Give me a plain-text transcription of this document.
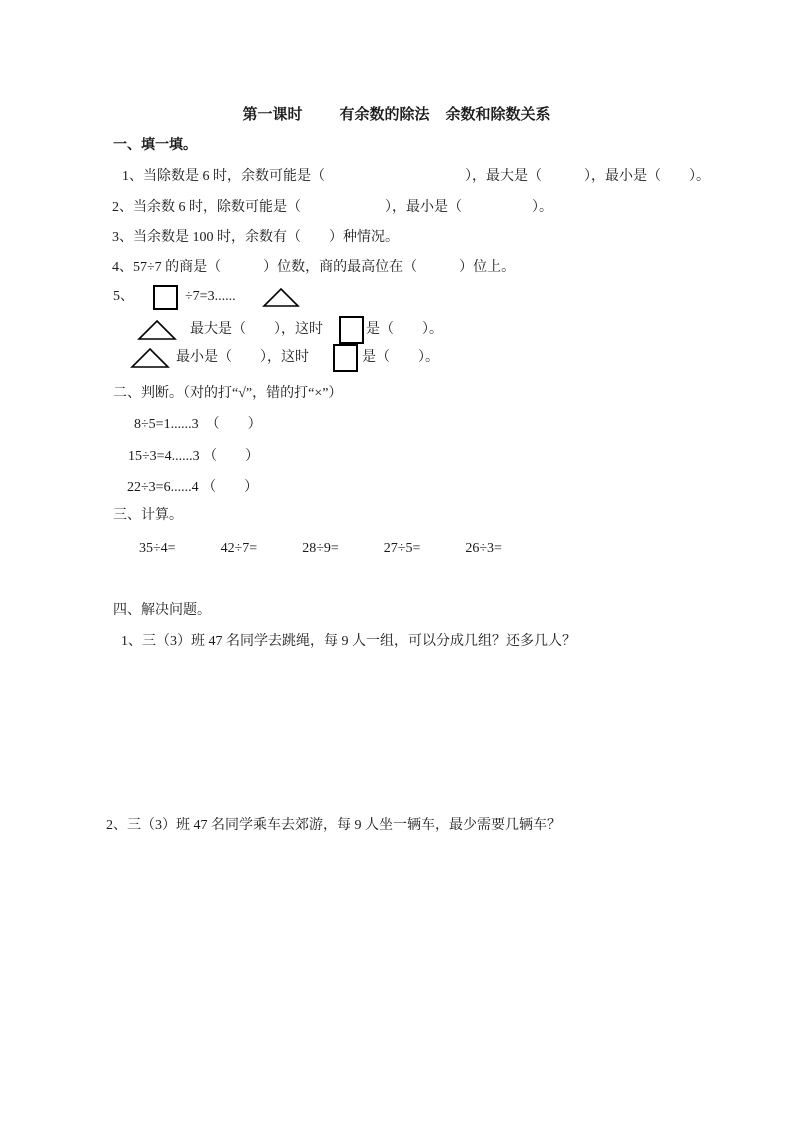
第一课时 有余数的除法 余数和除数关系
一、填一填。
1、当除数是 6 时，余数可能是（　　　　　　　　　　），最大是（　　　），最小是（　　）。
2、当余数 6 时，除数可能是（　　　　　　），最小是（　　　　　）。
3、当余数是 100 时，余数有（　　）种情况。
4、57÷7 的商是（　　　）位数，商的最高位在（　　　）位上。
5、	÷7=3......
最大是（　　），这时	是（　　）。
最小是（　　），这时	是（　　）。
二、判断。（对的打“√”，错的打“×”）
8÷5=1......3　（　　）
15÷3=4......3 （　　）
22÷3=6......4 （　　）
三、计算。
35÷4=	42÷7=	28÷9=	27÷5=	26÷3=
四、解决问题。
1、三（3）班 47 名同学去跳绳，每 9 人一组，可以分成几组？还多几人？
2、三（3）班 47 名同学乘车去郊游，每 9 人坐一辆车，最少需要几辆车？
